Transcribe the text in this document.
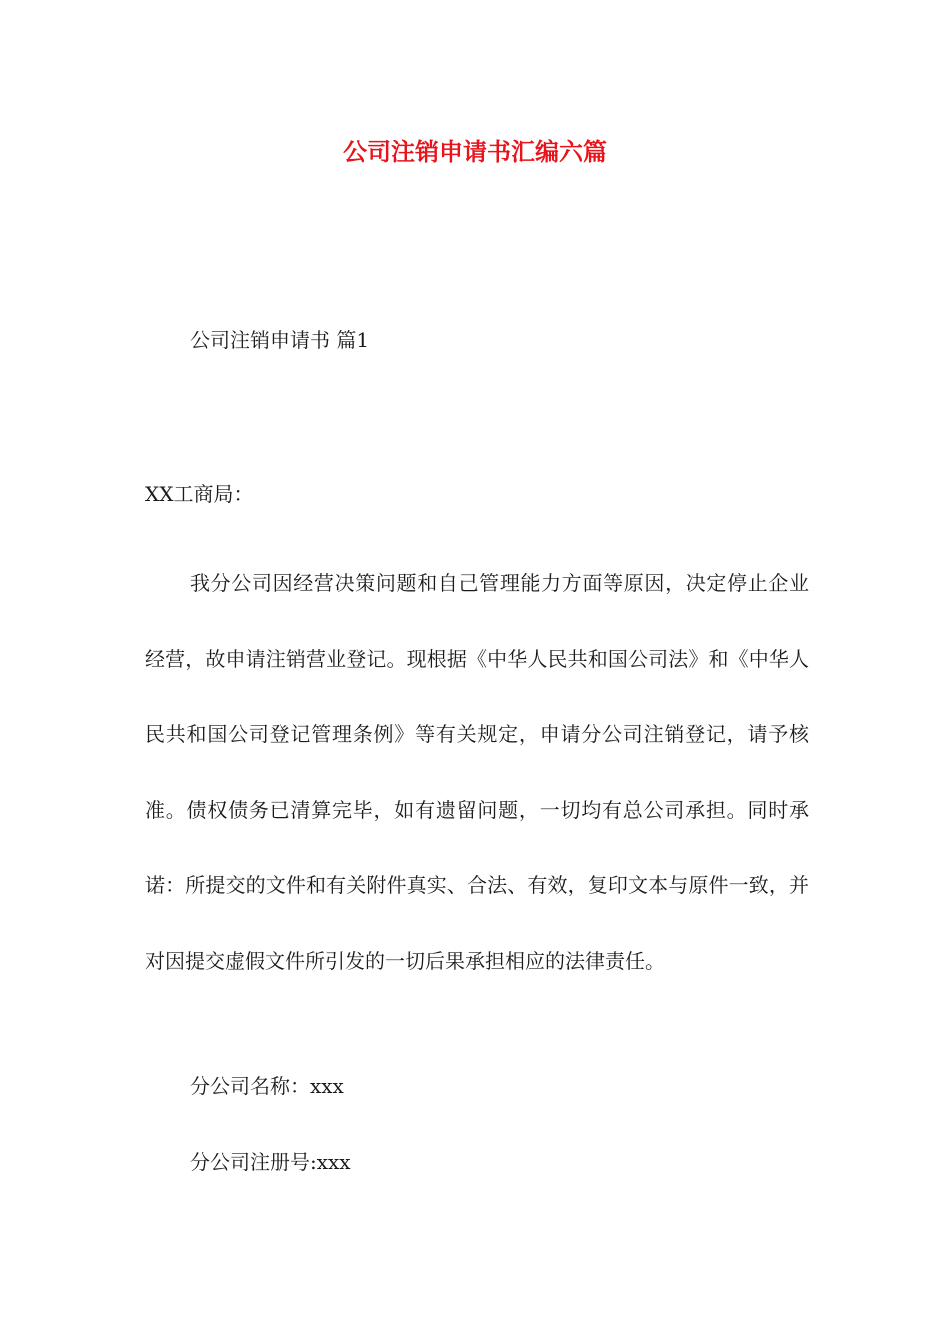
公司注销申请书汇编六篇

公司注销申请书 篇1

XX工商局：

我分公司因经营决策问题和自己管理能力方面等原因，决定停止企业经营，故申请注销营业登记。现根据《中华人民共和国公司法》和《中华人民共和国公司登记管理条例》等有关规定，申请分公司注销登记，请予核准。债权债务已清算完毕，如有遗留问题，一切均有总公司承担。同时承诺：所提交的文件和有关附件真实、合法、有效，复印文本与原件一致，并对因提交虚假文件所引发的一切后果承担相应的法律责任。

分公司名称：xxx

分公司注册号:xxx
